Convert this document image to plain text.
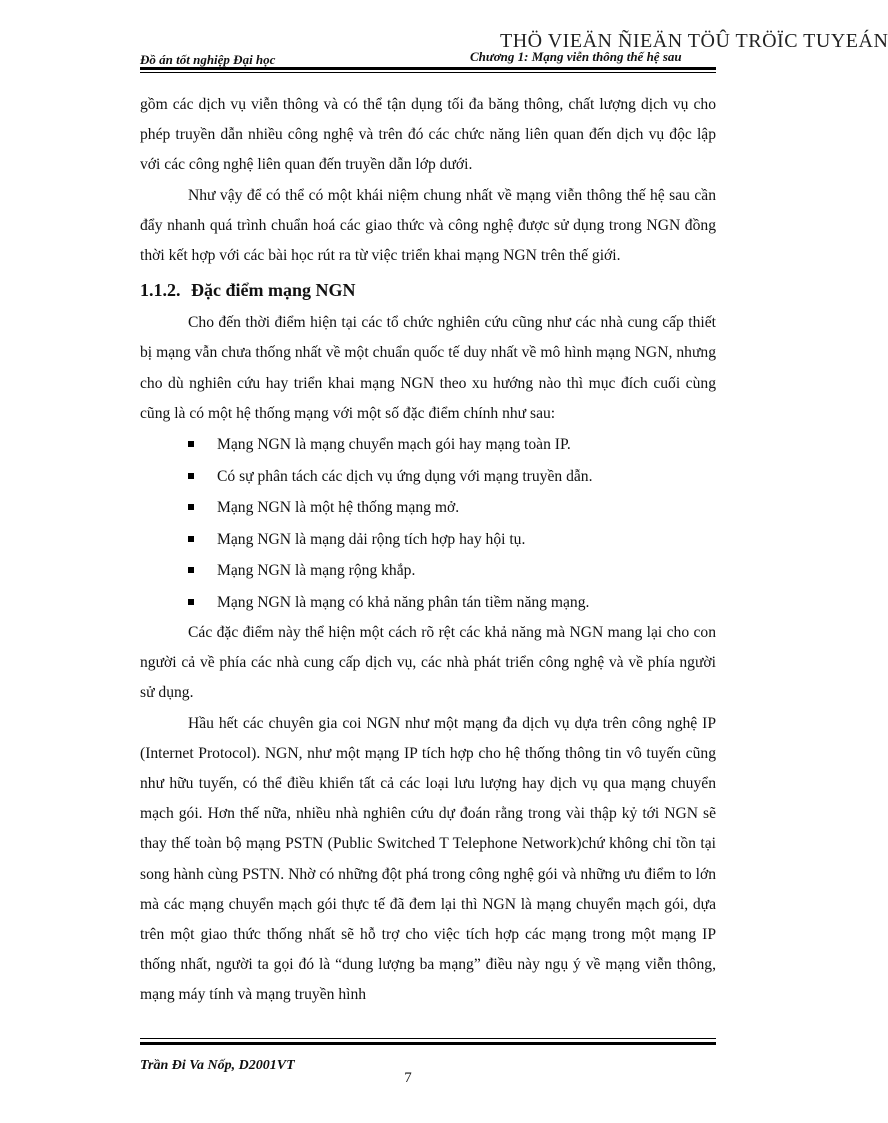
THÖ VIEÄN ÑIEÄN TÖÛ TRÖÏC TUYEÁN
Đồ án tốt nghiệp Đại học	Chương 1: Mạng viễn thông thế hệ sau

gồm các dịch vụ viễn thông và có thể tận dụng tối đa băng thông, chất lượng dịch vụ cho phép truyền dẫn nhiều công nghệ và trên đó các chức năng liên quan đến dịch vụ độc lập với các công nghệ liên quan đến truyền dẫn lớp dưới.

Như vậy để có thể có một khái niệm chung nhất về mạng viễn thông thế hệ sau cần đẩy nhanh quá trình chuẩn hoá các giao thức và công nghệ được sử dụng trong NGN đồng thời kết hợp với các bài học rút ra từ việc triển khai mạng NGN trên thế giới.

1.1.2. Đặc điểm mạng NGN

Cho đến thời điểm hiện tại các tổ chức nghiên cứu cũng như các nhà cung cấp thiết bị mạng vẫn chưa thống nhất về một chuẩn quốc tế duy nhất về mô hình mạng NGN, nhưng cho dù nghiên cứu hay triển khai mạng NGN theo xu hướng nào thì mục đích cuối cùng cũng là có một hệ thống mạng với một số đặc điểm chính như sau:

Mạng NGN là mạng chuyển mạch gói hay mạng toàn IP.
Có sự phân tách các dịch vụ ứng dụng với mạng truyền dẫn.
Mạng NGN là một hệ thống mạng mở.
Mạng NGN là mạng dải rộng tích hợp hay hội tụ.
Mạng NGN là mạng rộng khắp.
Mạng NGN là mạng có khả năng phân tán tiềm năng mạng.

Các đặc điểm này thể hiện một cách rõ rệt các khả năng mà NGN mang lại cho con người cả về phía các nhà cung cấp dịch vụ, các nhà phát triển công nghệ và về phía người sử dụng.

Hầu hết các chuyên gia coi NGN như một mạng đa dịch vụ dựa trên công nghệ IP (Internet Protocol). NGN, như một mạng IP tích hợp cho hệ thống thông tin vô tuyến cũng như hữu tuyến, có thể điều khiển tất cả các loại lưu lượng hay dịch vụ qua mạng chuyển mạch gói. Hơn thế nữa, nhiều nhà nghiên cứu dự đoán rằng trong vài thập kỷ tới NGN sẽ thay thế toàn bộ mạng PSTN (Public Switched T Telephone Network)chứ không chỉ tồn tại song hành cùng PSTN. Nhờ có những đột phá trong công nghệ gói và những ưu điểm to lớn mà các mạng chuyển mạch gói thực tế đã đem lại thì NGN là mạng chuyển mạch gói, dựa trên một giao thức thống nhất sẽ hỗ trợ cho việc tích hợp các mạng trong một mạng IP thống nhất, người ta gọi đó là “dung lượng ba mạng” điều này ngụ ý về mạng viễn thông, mạng máy tính và mạng truyền hình

Trần Đi Va Nốp, D2001VT
7
